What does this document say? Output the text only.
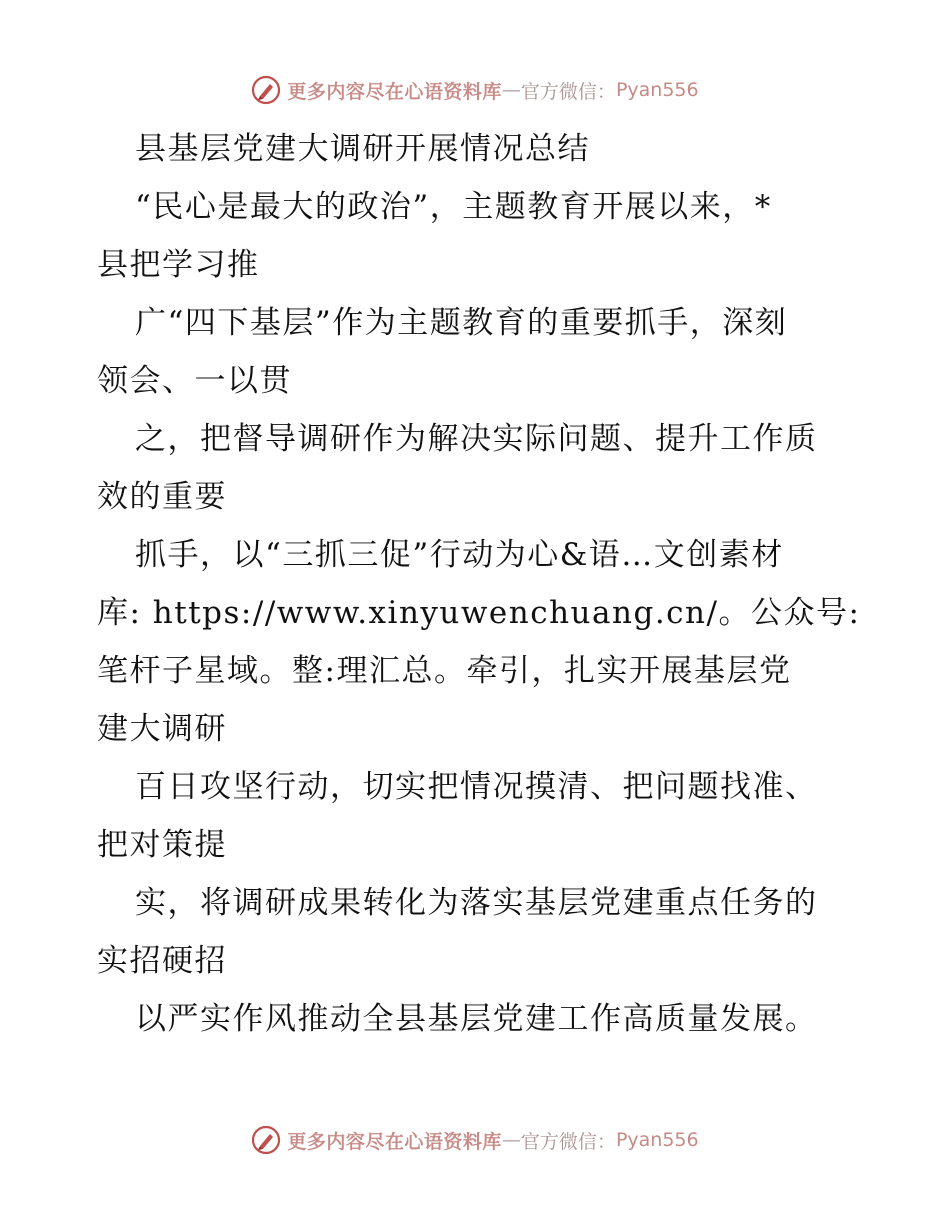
更多内容尽在心语资料库 — 官方微信： Pyan556

县基层党建大调研开展情况总结

“民心是最大的政治”，主题教育开展以来，*

县把学习推

广“四下基层”作为主题教育的重要抓手，深刻

领会、一以贯

之，把督导调研作为解决实际问题、提升工作质

效的重要

抓手，以“三抓三促”行动为心&语…文创素材

库: https://www.xinyuwenchuang.cn/。公众号:

笔杆子星域。整:理汇总。牵引，扎实开展基层党

建大调研

百日攻坚行动，切实把情况摸清、把问题找准、

把对策提

实，将调研成果转化为落实基层党建重点任务的

实招硬招

以严实作风推动全县基层党建工作高质量发展。

更多内容尽在心语资料库 — 官方微信： Pyan556
